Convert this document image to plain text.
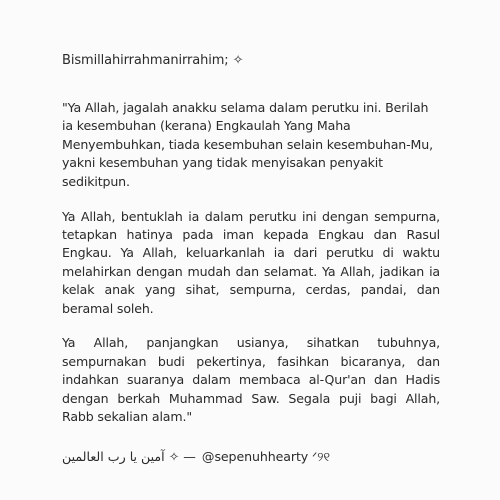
Bismillahirrahmanirrahim; ✧
"Ya Allah, jagalah anakku selama dalam perutku ini. Berilah ia kesembuhan (kerana) Engkaulah Yang Maha Menyembuhkan, tiada kesembuhan selain kesembuhan-Mu, yakni kesembuhan yang tidak menyisakan penyakit sedikitpun.
Ya Allah, bentuklah ia dalam perutku ini dengan sempurna, tetapkan hatinya pada iman kepada Engkau dan Rasul Engkau. Ya Allah, keluarkanlah ia dari perutku di waktu melahirkan dengan mudah dan selamat. Ya Allah, jadikan ia kelak anak yang sihat, sempurna, cerdas, pandai, dan beramal soleh.
Ya Allah, panjangkan usianya, sihatkan tubuhnya, sempurnakan budi pekertinya, fasihkan bicaranya, dan indahkan suaranya dalam membaca al-Qur'an dan Hadis dengan berkah Muhammad Saw. Segala puji bagi Allah, Rabb sekalian alam."
آمين يا رب العالمين ✧ — @sepenuhhearty ᐟ୨୧
